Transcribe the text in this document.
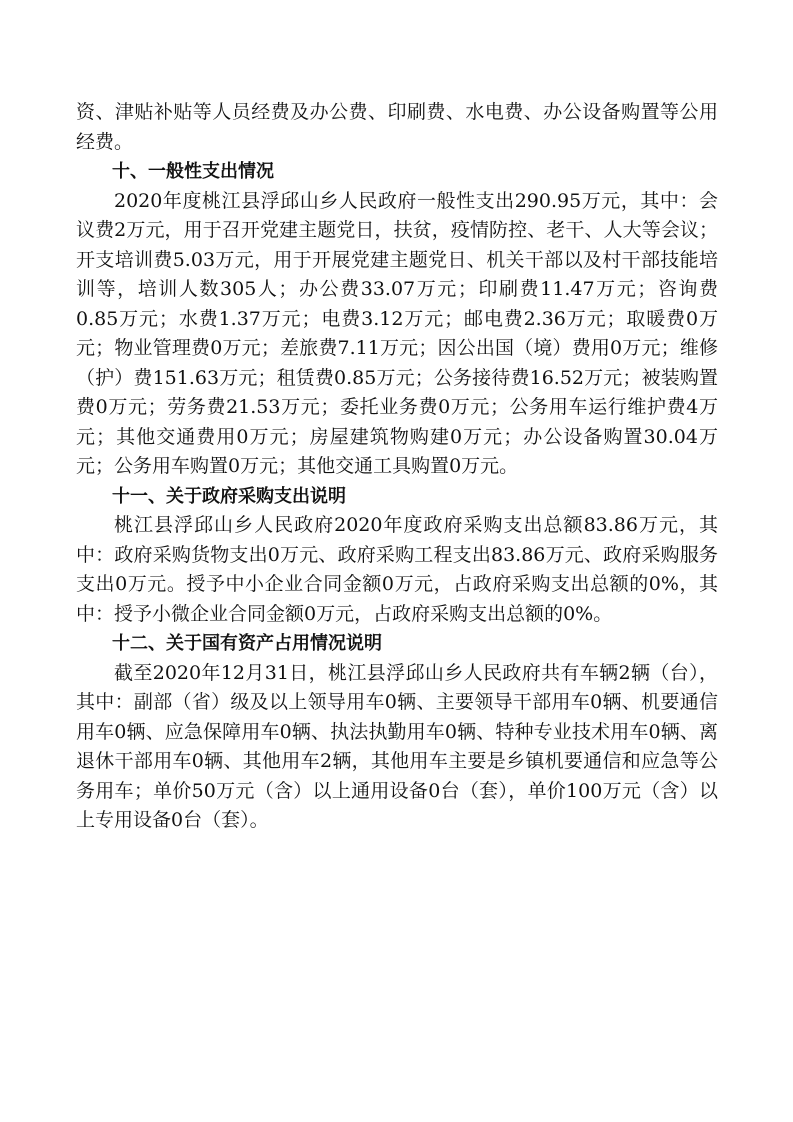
资、津贴补贴等人员经费及办公费、印刷费、水电费、办公设备购置等公用经费。

十、一般性支出情况

2020年度桃江县浮邱山乡人民政府一般性支出290.95万元，其中：会议费2万元，用于召开党建主题党日，扶贫，疫情防控、老干、人大等会议；开支培训费5.03万元，用于开展党建主题党日、机关干部以及村干部技能培训等，培训人数305人；办公费33.07万元；印刷费11.47万元；咨询费0.85万元；水费1.37万元；电费3.12万元；邮电费2.36万元；取暖费0万元；物业管理费0万元；差旅费7.11万元；因公出国（境）费用0万元；维修（护）费151.63万元；租赁费0.85万元；公务接待费16.52万元；被装购置费0万元；劳务费21.53万元；委托业务费0万元；公务用车运行维护费4万元；其他交通费用0万元；房屋建筑物购建0万元；办公设备购置30.04万元；公务用车购置0万元；其他交通工具购置0万元。

十一、关于政府采购支出说明

桃江县浮邱山乡人民政府2020年度政府采购支出总额83.86万元，其中：政府采购货物支出0万元、政府采购工程支出83.86万元、政府采购服务支出0万元。授予中小企业合同金额0万元，占政府采购支出总额的0%，其中：授予小微企业合同金额0万元，占政府采购支出总额的0%。

十二、关于国有资产占用情况说明

截至2020年12月31日，桃江县浮邱山乡人民政府共有车辆2辆（台），其中：副部（省）级及以上领导用车0辆、主要领导干部用车0辆、机要通信用车0辆、应急保障用车0辆、执法执勤用车0辆、特种专业技术用车0辆、离退休干部用车0辆、其他用车2辆，其他用车主要是乡镇机要通信和应急等公务用车；单价50万元（含）以上通用设备0台（套），单价100万元（含）以上专用设备0台（套）。
